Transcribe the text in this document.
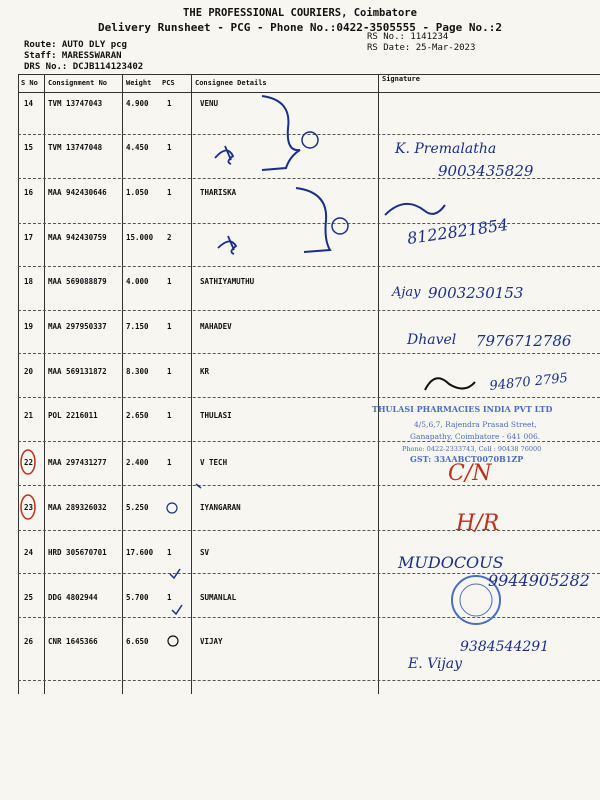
THE PROFESSIONAL COURIERS, Coimbatore
Delivery Runsheet - PCG - Phone No.:0422-3505555 - Page No.:2
Route: AUTO DLY pcg
Staff: MARESSWARAN
DRS No.: DCJB114123402
RS No.: 1141234
RS Date: 25-Mar-2023
S No Consignment No	Weight PCS	Consignee Details	Signature
14 TVM 13747043	4.900 1	VENU
15 TVM 13747048	4.450 1
16 MAA 942430646	1.050 1	THARISKA
17 MAA 942430759	15.000 2
18 MAA 569088879	4.000 1	SATHIYAMUTHU
19 MAA 297950337	7.150 1	MAHADEV
20 MAA 569131872	8.300 1	KR
21 POL 2216011	2.650 1	THULASI
22 MAA 297431277	2.400 1	V TECH
23 MAA 289326032	5.250	IYANGARAN
24 HRD 305670701	17.600 1	SV
25 DDG 4802944	5.700 1	SUMANLAL
26 CNR 1645366	6.650	VIJAY
K. Premalatha
9003435829
8122821854
Ajay 9003230153
Dhavel 7976712786
94870 2795
THULASI PHARMACIES INDIA PVT LTD
4/5,6,7, Rajendra Prasad Street,
Ganapathy, Coimbatore - 641 006.
Phone: 0422-2333743, Cell : 90438 76000
GST: 33AABCT0070B1ZP
C/N
H/R
MUDOCOUS
9944905282
9384544291
E. Vijay
